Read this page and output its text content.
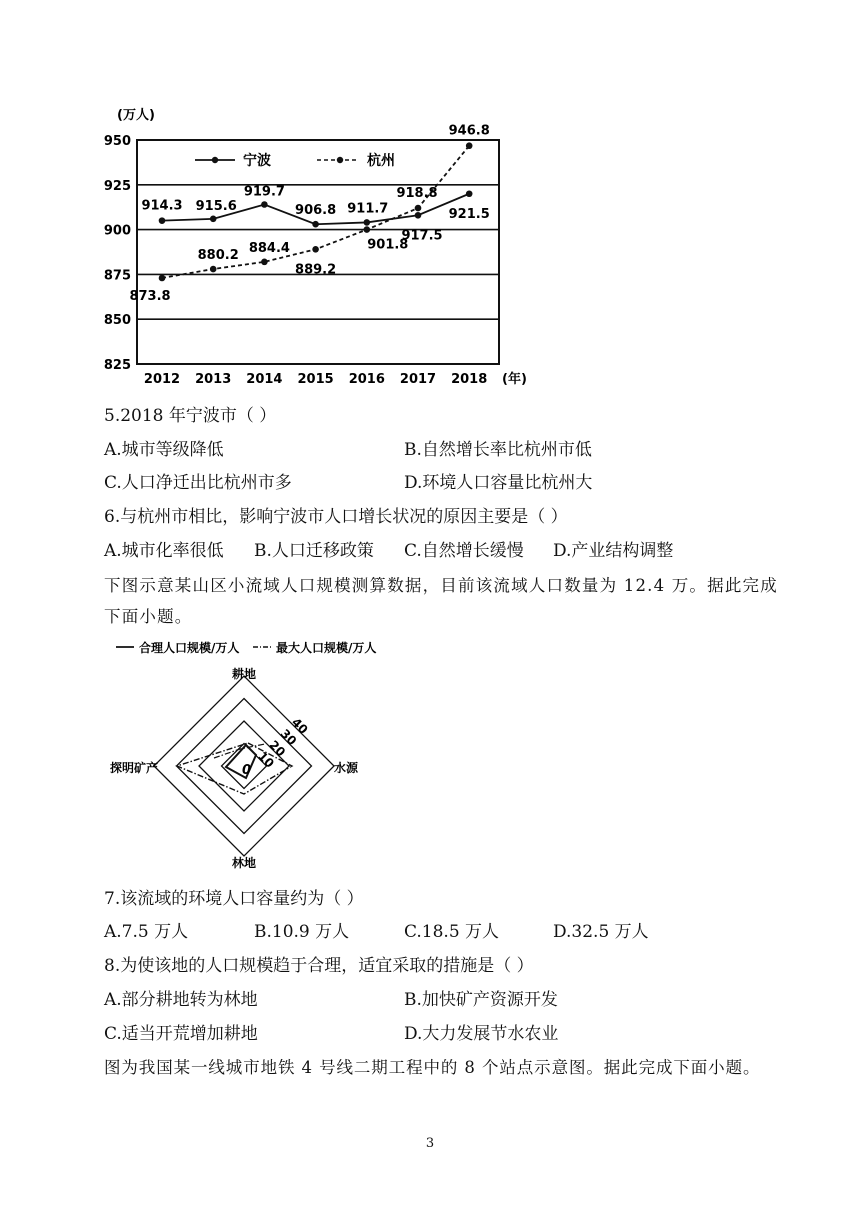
(万人)
825
850
875
900
925
950
2012 2013 2014 2015 2016 2017 2018 (年)
宁波	杭州
914.3 915.6
919.7
906.8 911.7
917.5
921.5
873.8
880.2 884.4
889.2
901.8
918.8
946.8
5.2018 年宁波市（ ）
A.城市等级降低	B.自然增长率比杭州市低
C.人口净迁出比杭州市多	D.环境人口容量比杭州大
6.与杭州市相比，影响宁波市人口增长状况的原因主要是（ ）
A.城市化率很低 B.人口迁移政策 C.自然增长缓慢 D.产业结构调整
下图示意某山区小流域人口规模测算数据，目前该流域人口数量为 12.4 万。据此完成
下面小题。
合理人口规模/万人	最大人口规模/万人
耕地
水源
林地
探明矿产	10
20
30
40
0
7.该流域的环境人口容量约为（ ）
A.7.5 万人	B.10.9 万人	C.18.5 万人	D.32.5 万人
8.为使该地的人口规模趋于合理，适宜采取的措施是（ ）
A.部分耕地转为林地	B.加快矿产资源开发
C.适当开荒增加耕地	D.大力发展节水农业
图为我国某一线城市地铁 4 号线二期工程中的 8 个站点示意图。据此完成下面小题。
3
